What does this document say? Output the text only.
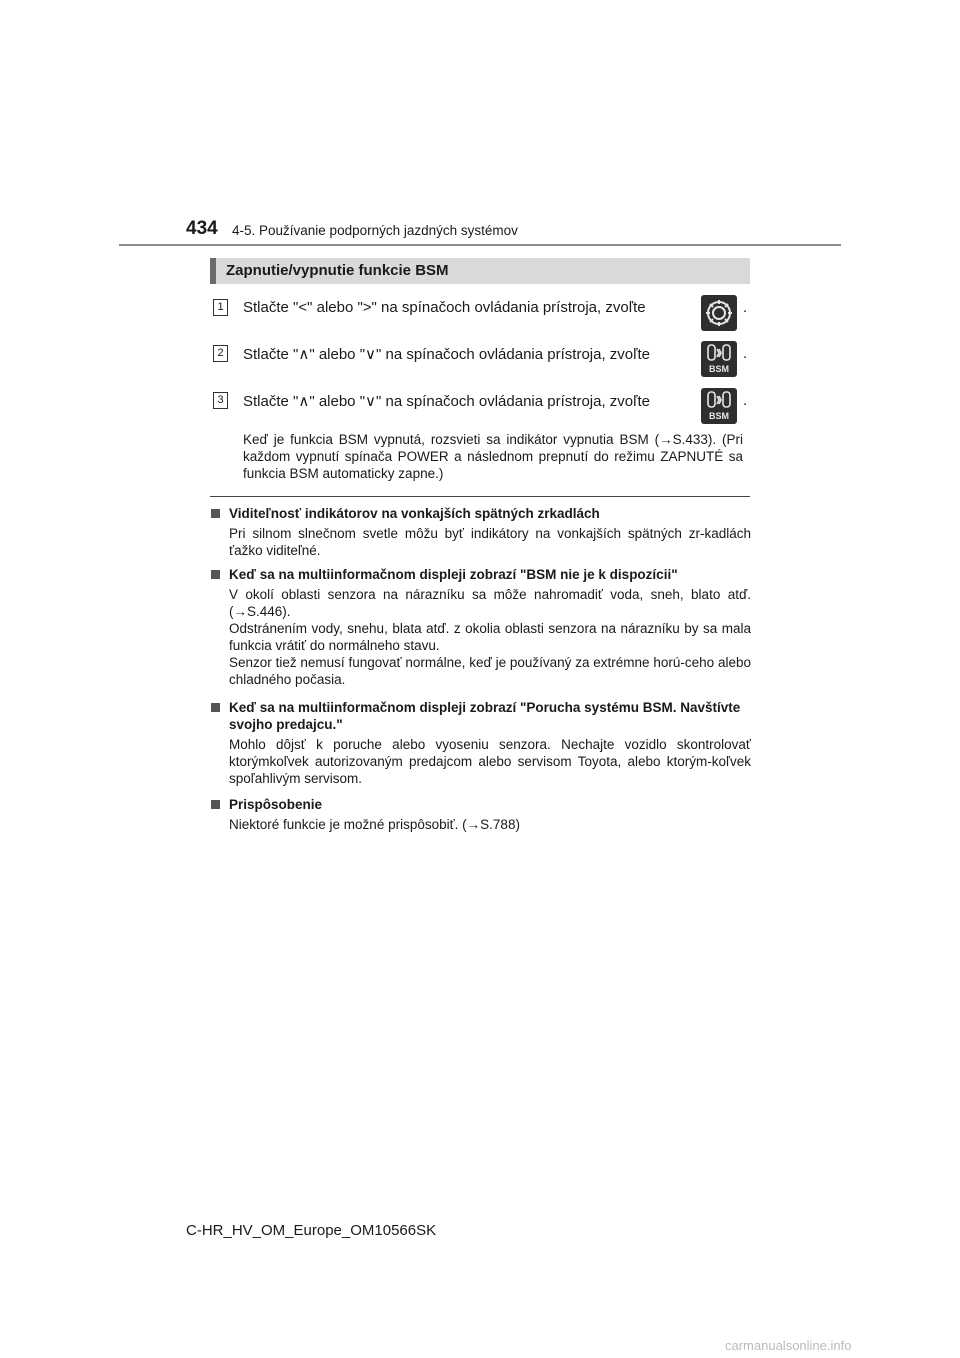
434 4-5. Používanie podporných jazdných systémov
Zapnutie/vypnutie funkcie BSM
1 Stlačte "<" alebo ">" na spínačoch ovládania prístroja, zvoľte	.
2 Stlačte "∧" alebo "∨" na spínačoch ovládania prístroja, zvoľte
BSM
.
3 Stlačte "∧" alebo "∨" na spínačoch ovládania prístroja, zvoľte
BSM
.
Keď je funkcia BSM vypnutá, rozsvieti sa indikátor vypnutia BSM (→S.433). (Pri každom vypnutí spínača POWER a následnom prepnutí do režimu ZAPNUTÉ sa funkcia BSM automaticky zapne.)
Viditeľnosť indikátorov na vonkajších spätných zrkadlách
Pri silnom slnečnom svetle môžu byť indikátory na vonkajších spätných zr-kadlách ťažko viditeľné.
Keď sa na multiinformačnom displeji zobrazí "BSM nie je k dispozícii"
V okolí oblasti senzora na nárazníku sa môže nahromadiť voda, sneh, blato atď. (→S.446).
Odstránením vody, snehu, blata atď. z okolia oblasti senzora na nárazníku by sa mala funkcia vrátiť do normálneho stavu.
Senzor tiež nemusí fungovať normálne, keď je používaný za extrémne horú-ceho alebo chladného počasia.
Keď sa na multiinformačnom displeji zobrazí "Porucha systému BSM. Navštívte svojho predajcu."
Mohlo dôjsť k poruche alebo vyoseniu senzora. Nechajte vozidlo skontrolovať ktorýmkoľvek autorizovaným predajcom alebo servisom Toyota, alebo ktorým-koľvek spoľahlivým servisom.
Prispôsobenie
Niektoré funkcie je možné prispôsobiť. (→S.788)
C-HR_HV_OM_Europe_OM10566SK
carmanualsonline.info
